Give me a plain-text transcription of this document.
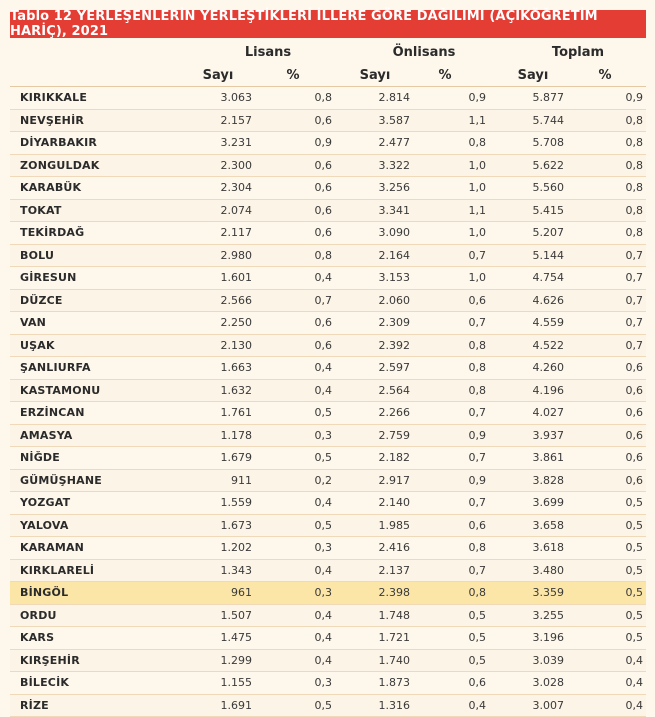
Tablo 12 YERLEŞENLERİN YERLEŞTİKLERİ İLLERE GÖRE DAĞILIMI (AÇIKÖĞRETİM HARİÇ), 2021
Lisans	Önlisans	Toplam
Sayı	%	Sayı	%	Sayı	%
KIRIKKALE	3.063	0,8	2.814	0,9	5.877	0,9
NEVŞEHİR	2.157	0,6	3.587	1,1	5.744	0,8
DİYARBAKIR	3.231	0,9	2.477	0,8	5.708	0,8
ZONGULDAK	2.300	0,6	3.322	1,0	5.622	0,8
KARABÜK	2.304	0,6	3.256	1,0	5.560	0,8
TOKAT	2.074	0,6	3.341	1,1	5.415	0,8
TEKİRDAĞ	2.117	0,6	3.090	1,0	5.207	0,8
BOLU	2.980	0,8	2.164	0,7	5.144	0,7
GİRESUN	1.601	0,4	3.153	1,0	4.754	0,7
DÜZCE	2.566	0,7	2.060	0,6	4.626	0,7
VAN	2.250	0,6	2.309	0,7	4.559	0,7
UŞAK	2.130	0,6	2.392	0,8	4.522	0,7
ŞANLIURFA	1.663	0,4	2.597	0,8	4.260	0,6
KASTAMONU	1.632	0,4	2.564	0,8	4.196	0,6
ERZİNCAN	1.761	0,5	2.266	0,7	4.027	0,6
AMASYA	1.178	0,3	2.759	0,9	3.937	0,6
NİĞDE	1.679	0,5	2.182	0,7	3.861	0,6
GÜMÜŞHANE	911	0,2	2.917	0,9	3.828	0,6
YOZGAT	1.559	0,4	2.140	0,7	3.699	0,5
YALOVA	1.673	0,5	1.985	0,6	3.658	0,5
KARAMAN	1.202	0,3	2.416	0,8	3.618	0,5
KIRKLARELİ	1.343	0,4	2.137	0,7	3.480	0,5
BİNGÖL	961	0,3	2.398	0,8	3.359	0,5
ORDU	1.507	0,4	1.748	0,5	3.255	0,5
KARS	1.475	0,4	1.721	0,5	3.196	0,5
KIRŞEHİR	1.299	0,4	1.740	0,5	3.039	0,4
BİLECİK	1.155	0,3	1.873	0,6	3.028	0,4
RİZE	1.691	0,5	1.316	0,4	3.007	0,4
